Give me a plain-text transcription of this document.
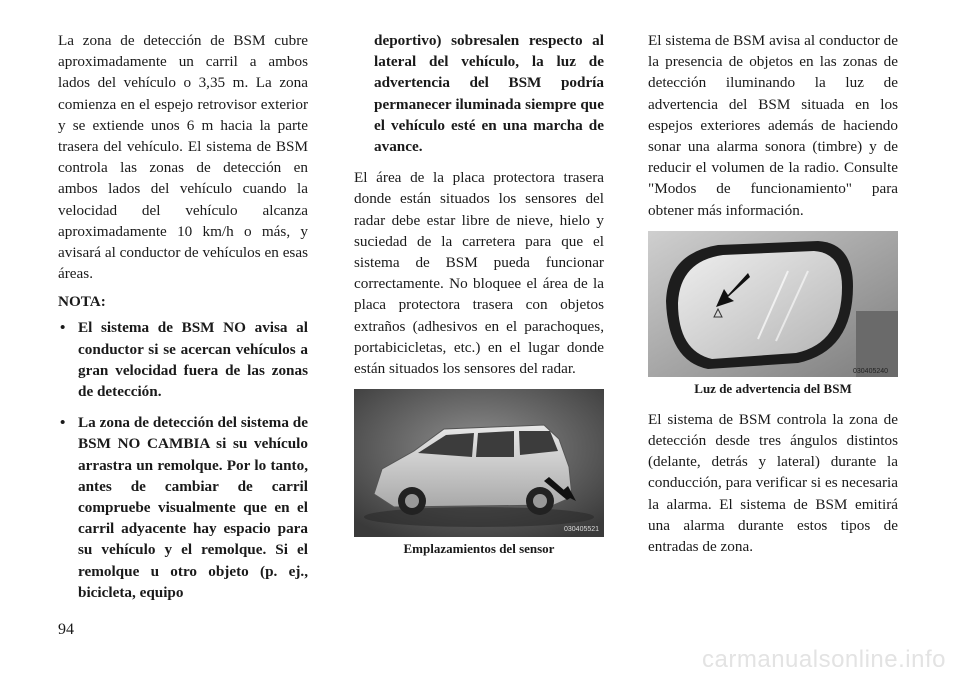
La zona de detección de BSM cubre aproximadamente un carril a ambos lados del vehículo o 3,35 m. La zona comienza en el espejo retrovisor exterior y se extiende unos 6 m hacia la parte trasera del vehículo. El sistema de BSM controla las zonas de detección en ambos lados del vehículo cuando la velocidad del vehículo alcanza aproximadamente 10 km/h o más, y avisará al conductor de vehículos en esas áreas.

NOTA:
• El sistema de BSM NO avisa al conductor si se acercan vehículos a gran velocidad fuera de las zonas de detección.
• La zona de detección del sistema de BSM NO CAMBIA si su vehículo arrastra un remolque. Por lo tanto, antes de cambiar de carril compruebe visualmente que en el carril adyacente hay espacio para su vehículo y el remolque. Si el remolque u otro objeto (p. ej., bicicleta, equipo
deportivo) sobresalen respecto al lateral del vehículo, la luz de advertencia del BSM podría permanecer iluminada siempre que el vehículo esté en una marcha de avance.

El área de la placa protectora trasera donde están situados los sensores del radar debe estar libre de nieve, hielo y suciedad de la carretera para que el sistema de BSM pueda funcionar correctamente. No bloquee el área de la placa protectora trasera con objetos extraños (adhesivos en el parachoques, portabicicletas, etc.) en el lugar donde están situados los sensores del radar.

030405521
Emplazamientos del sensor

El sistema de BSM avisa al conductor de la presencia de objetos en las zonas de detección iluminando la luz de advertencia del BSM situada en los espejos exteriores además de haciendo sonar una alarma sonora (timbre) y de reducir el volumen de la radio. Consulte "Modos de funcionamiento" para obtener más información.

030405240
Luz de advertencia del BSM

El sistema de BSM controla la zona de detección desde tres ángulos distintos (delante, detrás y lateral) durante la conducción, para verificar si es necesaria la alarma. El sistema de BSM emitirá una alarma durante estos tipos de entradas de zona.

94
carmanualsonline.info
